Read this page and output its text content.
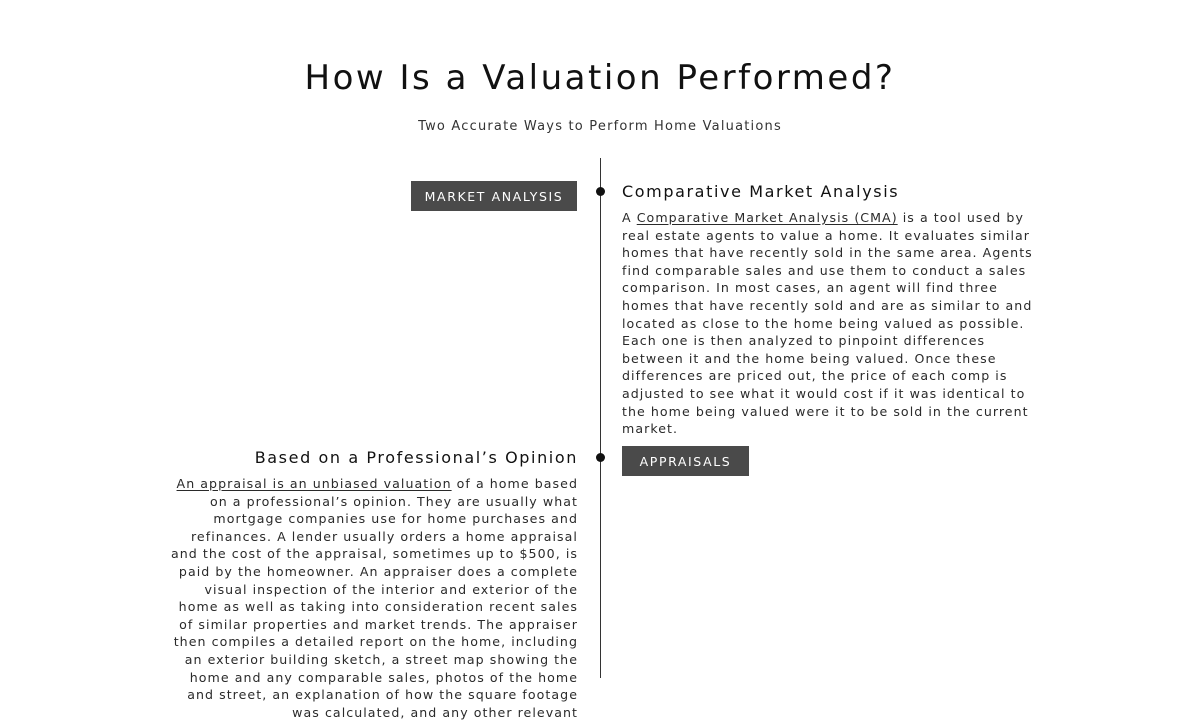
How Is a Valuation Performed?
Two Accurate Ways to Perform Home Valuations
MARKET ANALYSIS	Comparative Market Analysis
A Comparative Market Analysis (CMA) is a tool used by real estate agents to value a home. It evaluates similar homes that have recently sold in the same area. Agents find comparable sales and use them to conduct a sales comparison. In most cases, an agent will find three homes that have recently sold and are as similar to and located as close to the home being valued as possible. Each one is then analyzed to pinpoint differences between it and the home being valued. Once these differences are priced out, the price of each comp is adjusted to see what it would cost if it was identical to the home being valued were it to be sold in the current market.
Based on a Professional’s Opinion	APPRAISALS
An appraisal is an unbiased valuation of a home based on a professional’s opinion. They are usually what mortgage companies use for home purchases and refinances. A lender usually orders a home appraisal and the cost of the appraisal, sometimes up to $500, is paid by the homeowner. An appraiser does a complete visual inspection of the interior and exterior of the home as well as taking into consideration recent sales of similar properties and market trends. The appraiser then compiles a detailed report on the home, including an exterior building sketch, a street map showing the home and any comparable sales, photos of the home and street, an explanation of how the square footage was calculated, and any other relevant
